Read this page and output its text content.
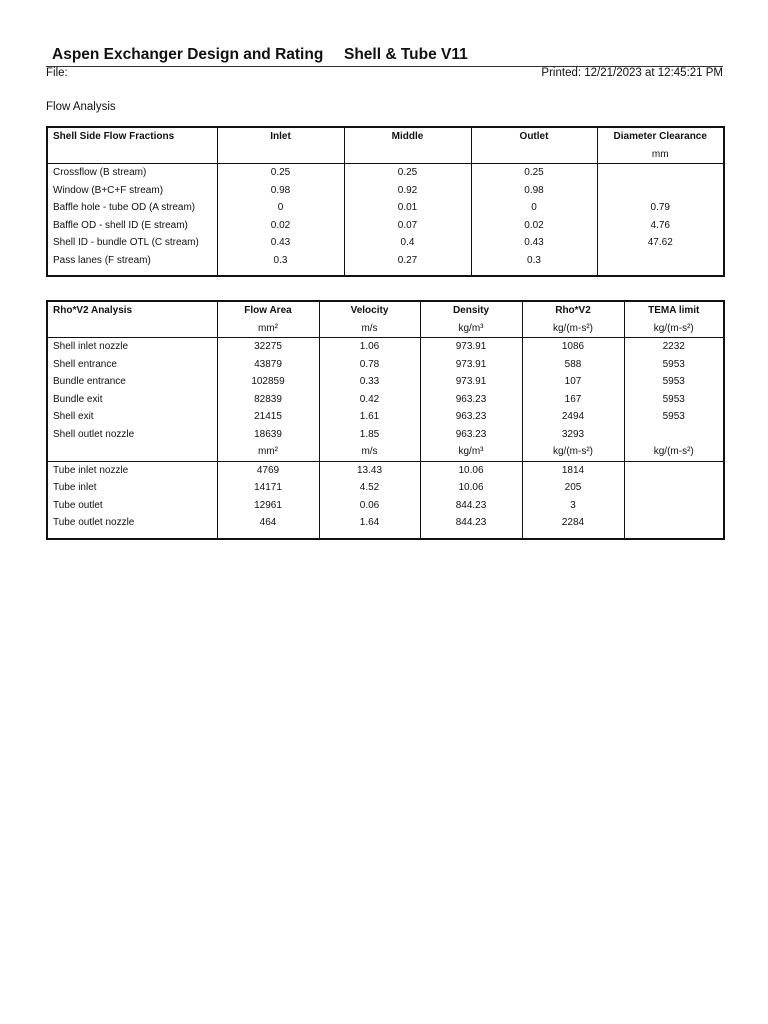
Aspen Exchanger Design and Rating Shell & Tube V11
File:	Printed: 12/21/2023 at 12:45:21 PM
Flow Analysis
Shell Side Flow Fractions	Inlet	Middle	Outlet	Diameter Clearance
				mm
Crossflow (B stream)	0.25	0.25	0.25	
Window (B+C+F stream)	0.98	0.92	0.98	
Baffle hole - tube OD (A stream)	0	0.01	0	0.79
Baffle OD - shell ID (E stream)	0.02	0.07	0.02	4.76
Shell ID - bundle OTL (C stream)	0.43	0.4	0.43	47.62
Pass lanes (F stream)	0.3	0.27	0.3	

Rho*V2 Analysis	Flow Area	Velocity	Density	Rho*V2	TEMA limit
	mm²	m/s	kg/m³	kg/(m-s²)	kg/(m-s²)
Shell inlet nozzle	32275	1.06	973.91	1086	2232
Shell entrance	43879	0.78	973.91	588	5953
Bundle entrance	102859	0.33	973.91	107	5953
Bundle exit	82839	0.42	963.23	167	5953
Shell exit	21415	1.61	963.23	2494	5953
Shell outlet nozzle	18639	1.85	963.23	3293	
	mm²	m/s	kg/m³	kg/(m-s²)	kg/(m-s²)
Tube inlet nozzle	4769	13.43	10.06	1814	
Tube inlet	14171	4.52	10.06	205	
Tube outlet	12961	0.06	844.23	3	
Tube outlet nozzle	464	1.64	844.23	2284	
